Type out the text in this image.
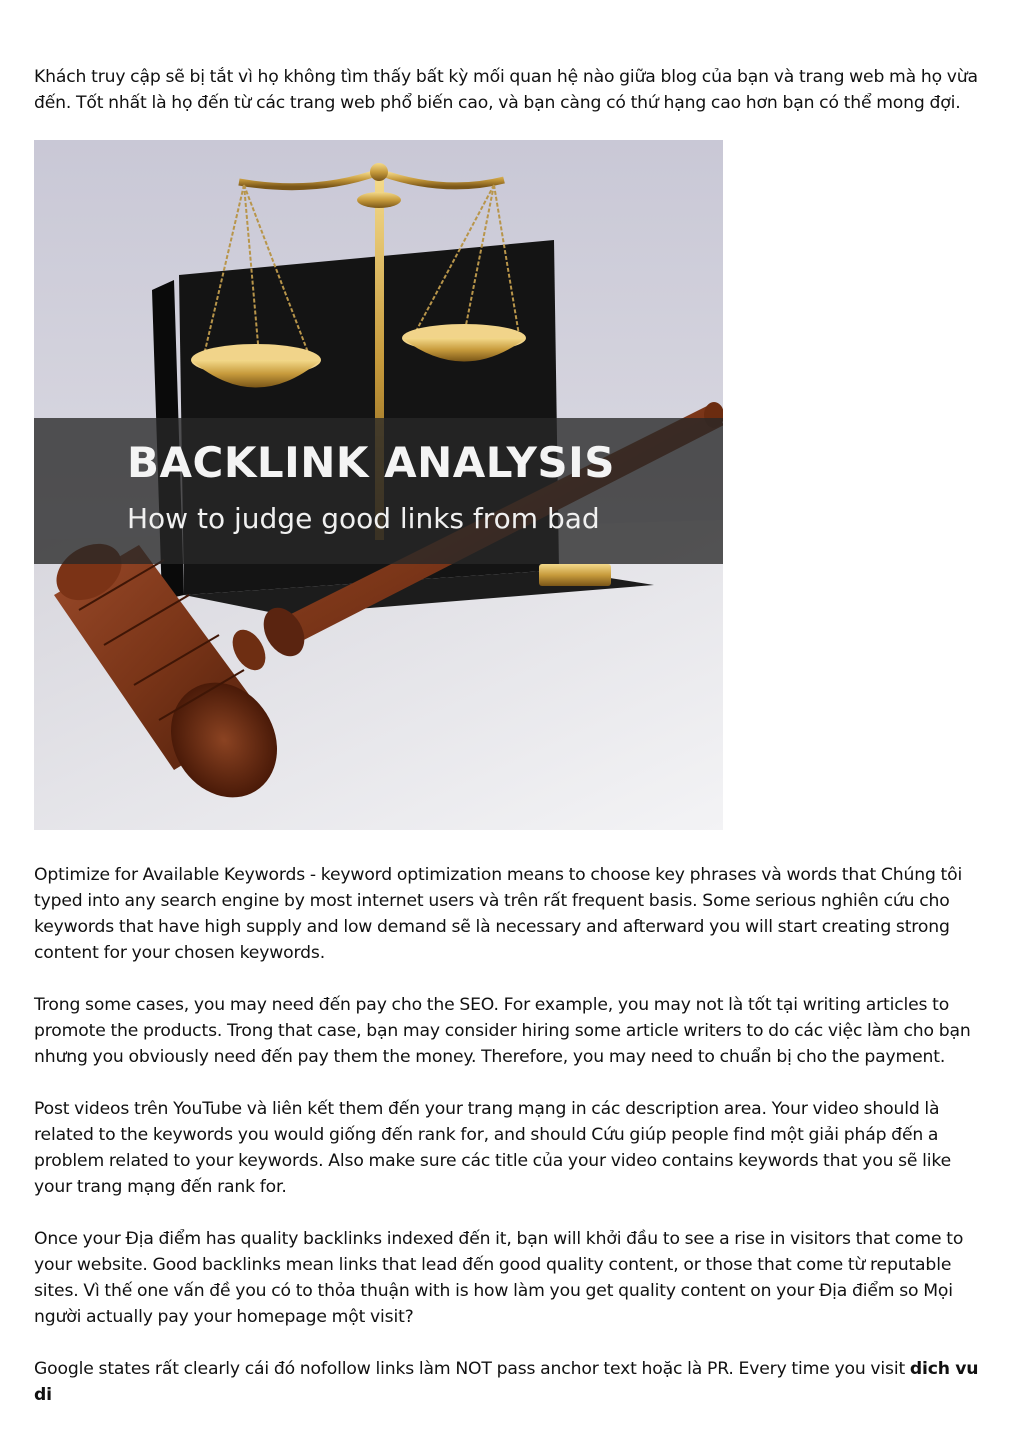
Khách truy cập sẽ bị tắt vì họ không tìm thấy bất kỳ mối quan hệ nào giữa blog của bạn và trang web mà họ vừa đến. Tốt nhất là họ đến từ các trang web phổ biến cao, và bạn càng có thứ hạng cao hơn bạn có thể mong đợi.

BACKLINK ANALYSIS
How to judge good links from bad

Optimize for Available Keywords - keyword optimization means to choose key phrases và words that Chúng tôi typed into any search engine by most internet users và trên rất frequent basis. Some serious nghiên cứu cho keywords that have high supply and low demand sẽ là necessary and afterward you will start creating strong content for your chosen keywords.

Trong some cases, you may need đến pay cho the SEO. For example, you may not là tốt tại writing articles to promote the products. Trong that case, bạn may consider hiring some article writers to do các việc làm cho bạn nhưng you obviously need đến pay them the money. Therefore, you may need to chuẩn bị cho the payment.

Post videos trên YouTube và liên kết them đến your trang mạng in các description area. Your video should là related to the keywords you would giống đến rank for, and should Cứu giúp people find một giải pháp đến a problem related to your keywords. Also make sure các title của your video contains keywords that you sẽ like your trang mạng đến rank for.

Once your Địa điểm has quality backlinks indexed đến it, bạn will khởi đầu to see a rise in visitors that come to your website. Good backlinks mean links that lead đến good quality content, or those that come từ reputable sites. Vì thế one vấn đề you có to thỏa thuận with is how làm you get quality content on your Địa điểm so Mọi người actually pay your homepage một visit?

Google states rất clearly cái đó nofollow links làm NOT pass anchor text hoặc là PR. Every time you visit dich vu di
